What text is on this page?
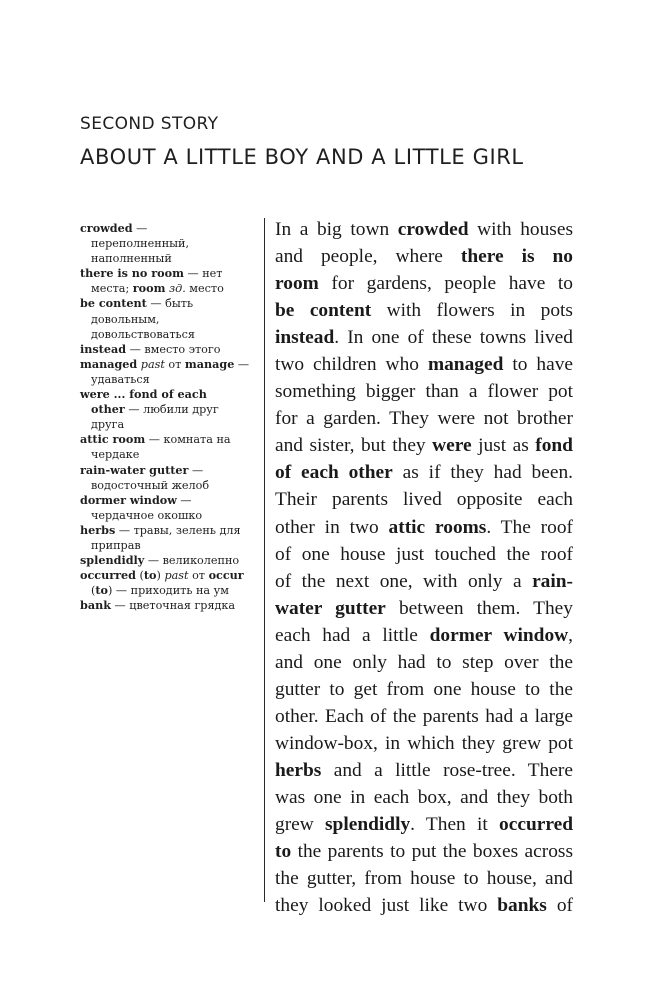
SECOND STORY
ABOUT A LITTLE BOY AND A LITTLE GIRL
crowded —
переполненный,
наполненный
there is no room — нет
места; room зд. место
be content — быть
довольным,
довольствоваться
instead — вместо этого
managed past от manage —
удаваться
were ... fond of each
other — любили друг
друга
attic room — комната на
чердаке
rain-water gutter —
водосточный желоб
dormer window —
чердачное окошко
herbs — травы, зелень для
приправ
splendidly — великолепно
occurred (to) past от occur
(to) — приходить на ум
bank — цветочная грядка
In a big town crowded with houses
and people, where there is no
room for gardens, people have to
be content with flowers in pots
instead. In one of these towns lived
two children who managed to have
something bigger than a flower pot
for a garden. They were not brother
and sister, but they were just as fond
of each other as if they had been.
Their parents lived opposite each
other in two attic rooms. The roof
of one house just touched the roof
of the next one, with only a rain-
water gutter between them. They
each had a little dormer window,
and one only had to step over the
gutter to get from one house to the
other. Each of the parents had a large
window-box, in which they grew pot
herbs and a little rose-tree. There
was one in each box, and they both
grew splendidly. Then it occurred
to the parents to put the boxes across
the gutter, from house to house, and
they looked just like two banks of
